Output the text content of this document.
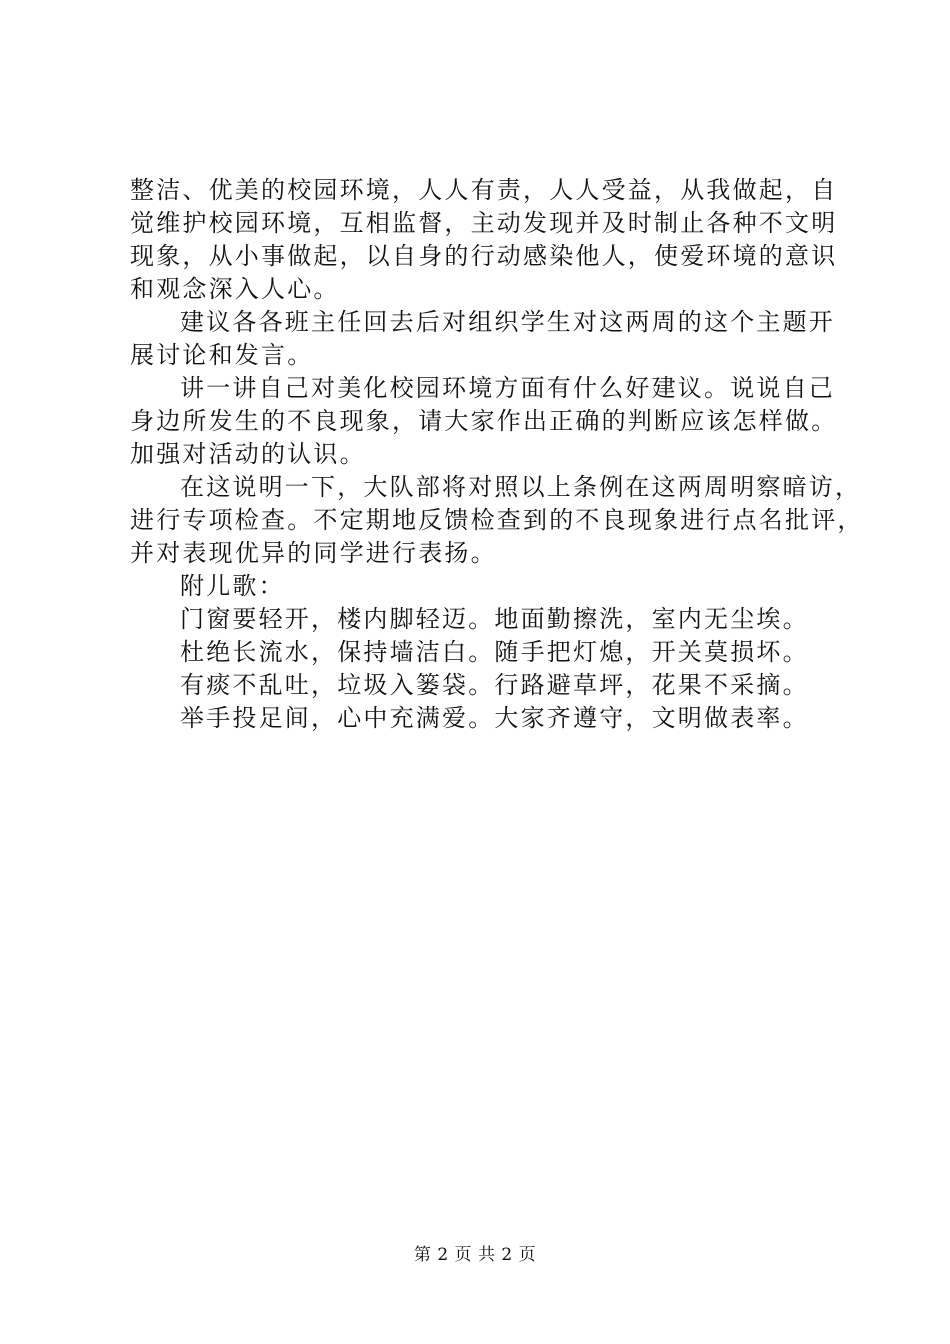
整洁、优美的校园环境，人人有责，人人受益，从我做起，自
觉维护校园环境，互相监督，主动发现并及时制止各种不文明
现象，从小事做起，以自身的行动感染他人，使爱环境的意识
和观念深入人心。
建议各各班主任回去后对组织学生对这两周的这个主题开
展讨论和发言。
讲一讲自己对美化校园环境方面有什么好建议。说说自己
身边所发生的不良现象，请大家作出正确的判断应该怎样做。
加强对活动的认识。
在这说明一下，大队部将对照以上条例在这两周明察暗访，
进行专项检查。不定期地反馈检查到的不良现象进行点名批评，
并对表现优异的同学进行表扬。
附儿歌：
门窗要轻开，楼内脚轻迈。地面勤擦洗，室内无尘埃。
杜绝长流水，保持墙洁白。随手把灯熄，开关莫损坏。
有痰不乱吐，垃圾入篓袋。行路避草坪，花果不采摘。
举手投足间，心中充满爱。大家齐遵守，文明做表率。
第 2 页 共 2 页
